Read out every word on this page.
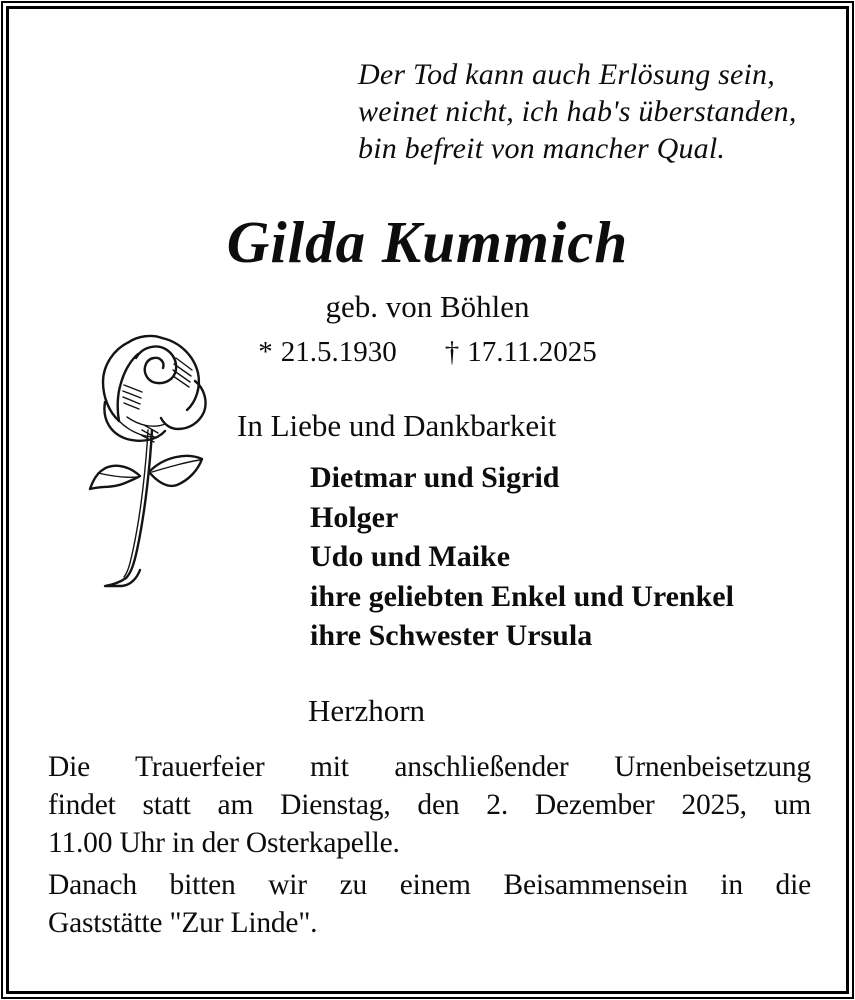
Der Tod kann auch Erlösung sein,
weinet nicht, ich hab's überstanden,
bin befreit von mancher Qual.
Gilda Kummich
geb. von Böhlen
* 21.5.1930 † 17.11.2025
In Liebe und Dankbarkeit
Dietmar und Sigrid
Holger
Udo und Maike
ihre geliebten Enkel und Urenkel
ihre Schwester Ursula
Herzhorn
Die Trauerfeier mit anschließender Urnenbeisetzung
findet statt am Dienstag, den 2. Dezember 2025, um
11.00 Uhr in der Osterkapelle.
Danach bitten wir zu einem Beisammensein in die
Gaststätte "Zur Linde".
